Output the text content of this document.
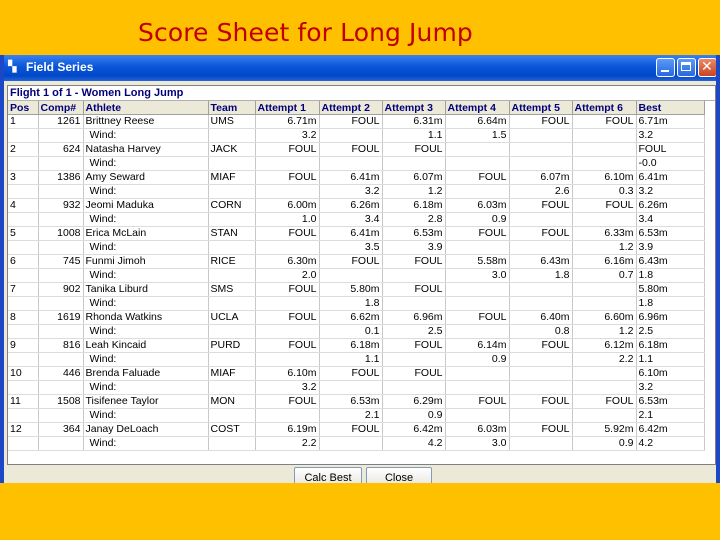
Score Sheet for Long Jump
▚ Field Series	✕
Flight 1 of 1 - Women Long Jump
Pos	Comp#	Athlete	Team	Attempt 1	Attempt 2	Attempt 3	Attempt 4	Attempt 5	Attempt 6	Best
1	1261	Brittney Reese	UMS	6.71m	FOUL	6.31m	6.64m	FOUL	FOUL	6.71m
		Wind:		3.2		1.1	1.5			3.2
2	624	Natasha Harvey	JACK	FOUL	FOUL	FOUL				FOUL
		Wind:								-0.0
3	1386	Amy Seward	MIAF	FOUL	6.41m	6.07m	FOUL	6.07m	6.10m	6.41m
		Wind:			3.2	1.2		2.6	0.3	3.2
4	932	Jeomi Maduka	CORN	6.00m	6.26m	6.18m	6.03m	FOUL	FOUL	6.26m
		Wind:		1.0	3.4	2.8	0.9			3.4
5	1008	Erica McLain	STAN	FOUL	6.41m	6.53m	FOUL	FOUL	6.33m	6.53m
		Wind:			3.5	3.9			1.2	3.9
6	745	Funmi Jimoh	RICE	6.30m	FOUL	FOUL	5.58m	6.43m	6.16m	6.43m
		Wind:		2.0			3.0	1.8	0.7	1.8
7	902	Tanika Liburd	SMS	FOUL	5.80m	FOUL				5.80m
		Wind:			1.8					1.8
8	1619	Rhonda Watkins	UCLA	FOUL	6.62m	6.96m	FOUL	6.40m	6.60m	6.96m
		Wind:			0.1	2.5		0.8	1.2	2.5
9	816	Leah Kincaid	PURD	FOUL	6.18m	FOUL	6.14m	FOUL	6.12m	6.18m
		Wind:			1.1		0.9		2.2	1.1
10	446	Brenda Faluade	MIAF	6.10m	FOUL	FOUL				6.10m
		Wind:		3.2						3.2
11	1508	Tisifenee Taylor	MON	FOUL	6.53m	6.29m	FOUL	FOUL	FOUL	6.53m
		Wind:			2.1	0.9				2.1
12	364	Janay DeLoach	COST	6.19m	FOUL	6.42m	6.03m	FOUL	5.92m	6.42m
		Wind:		2.2		4.2	3.0		0.9	4.2
Calc Best	Close
